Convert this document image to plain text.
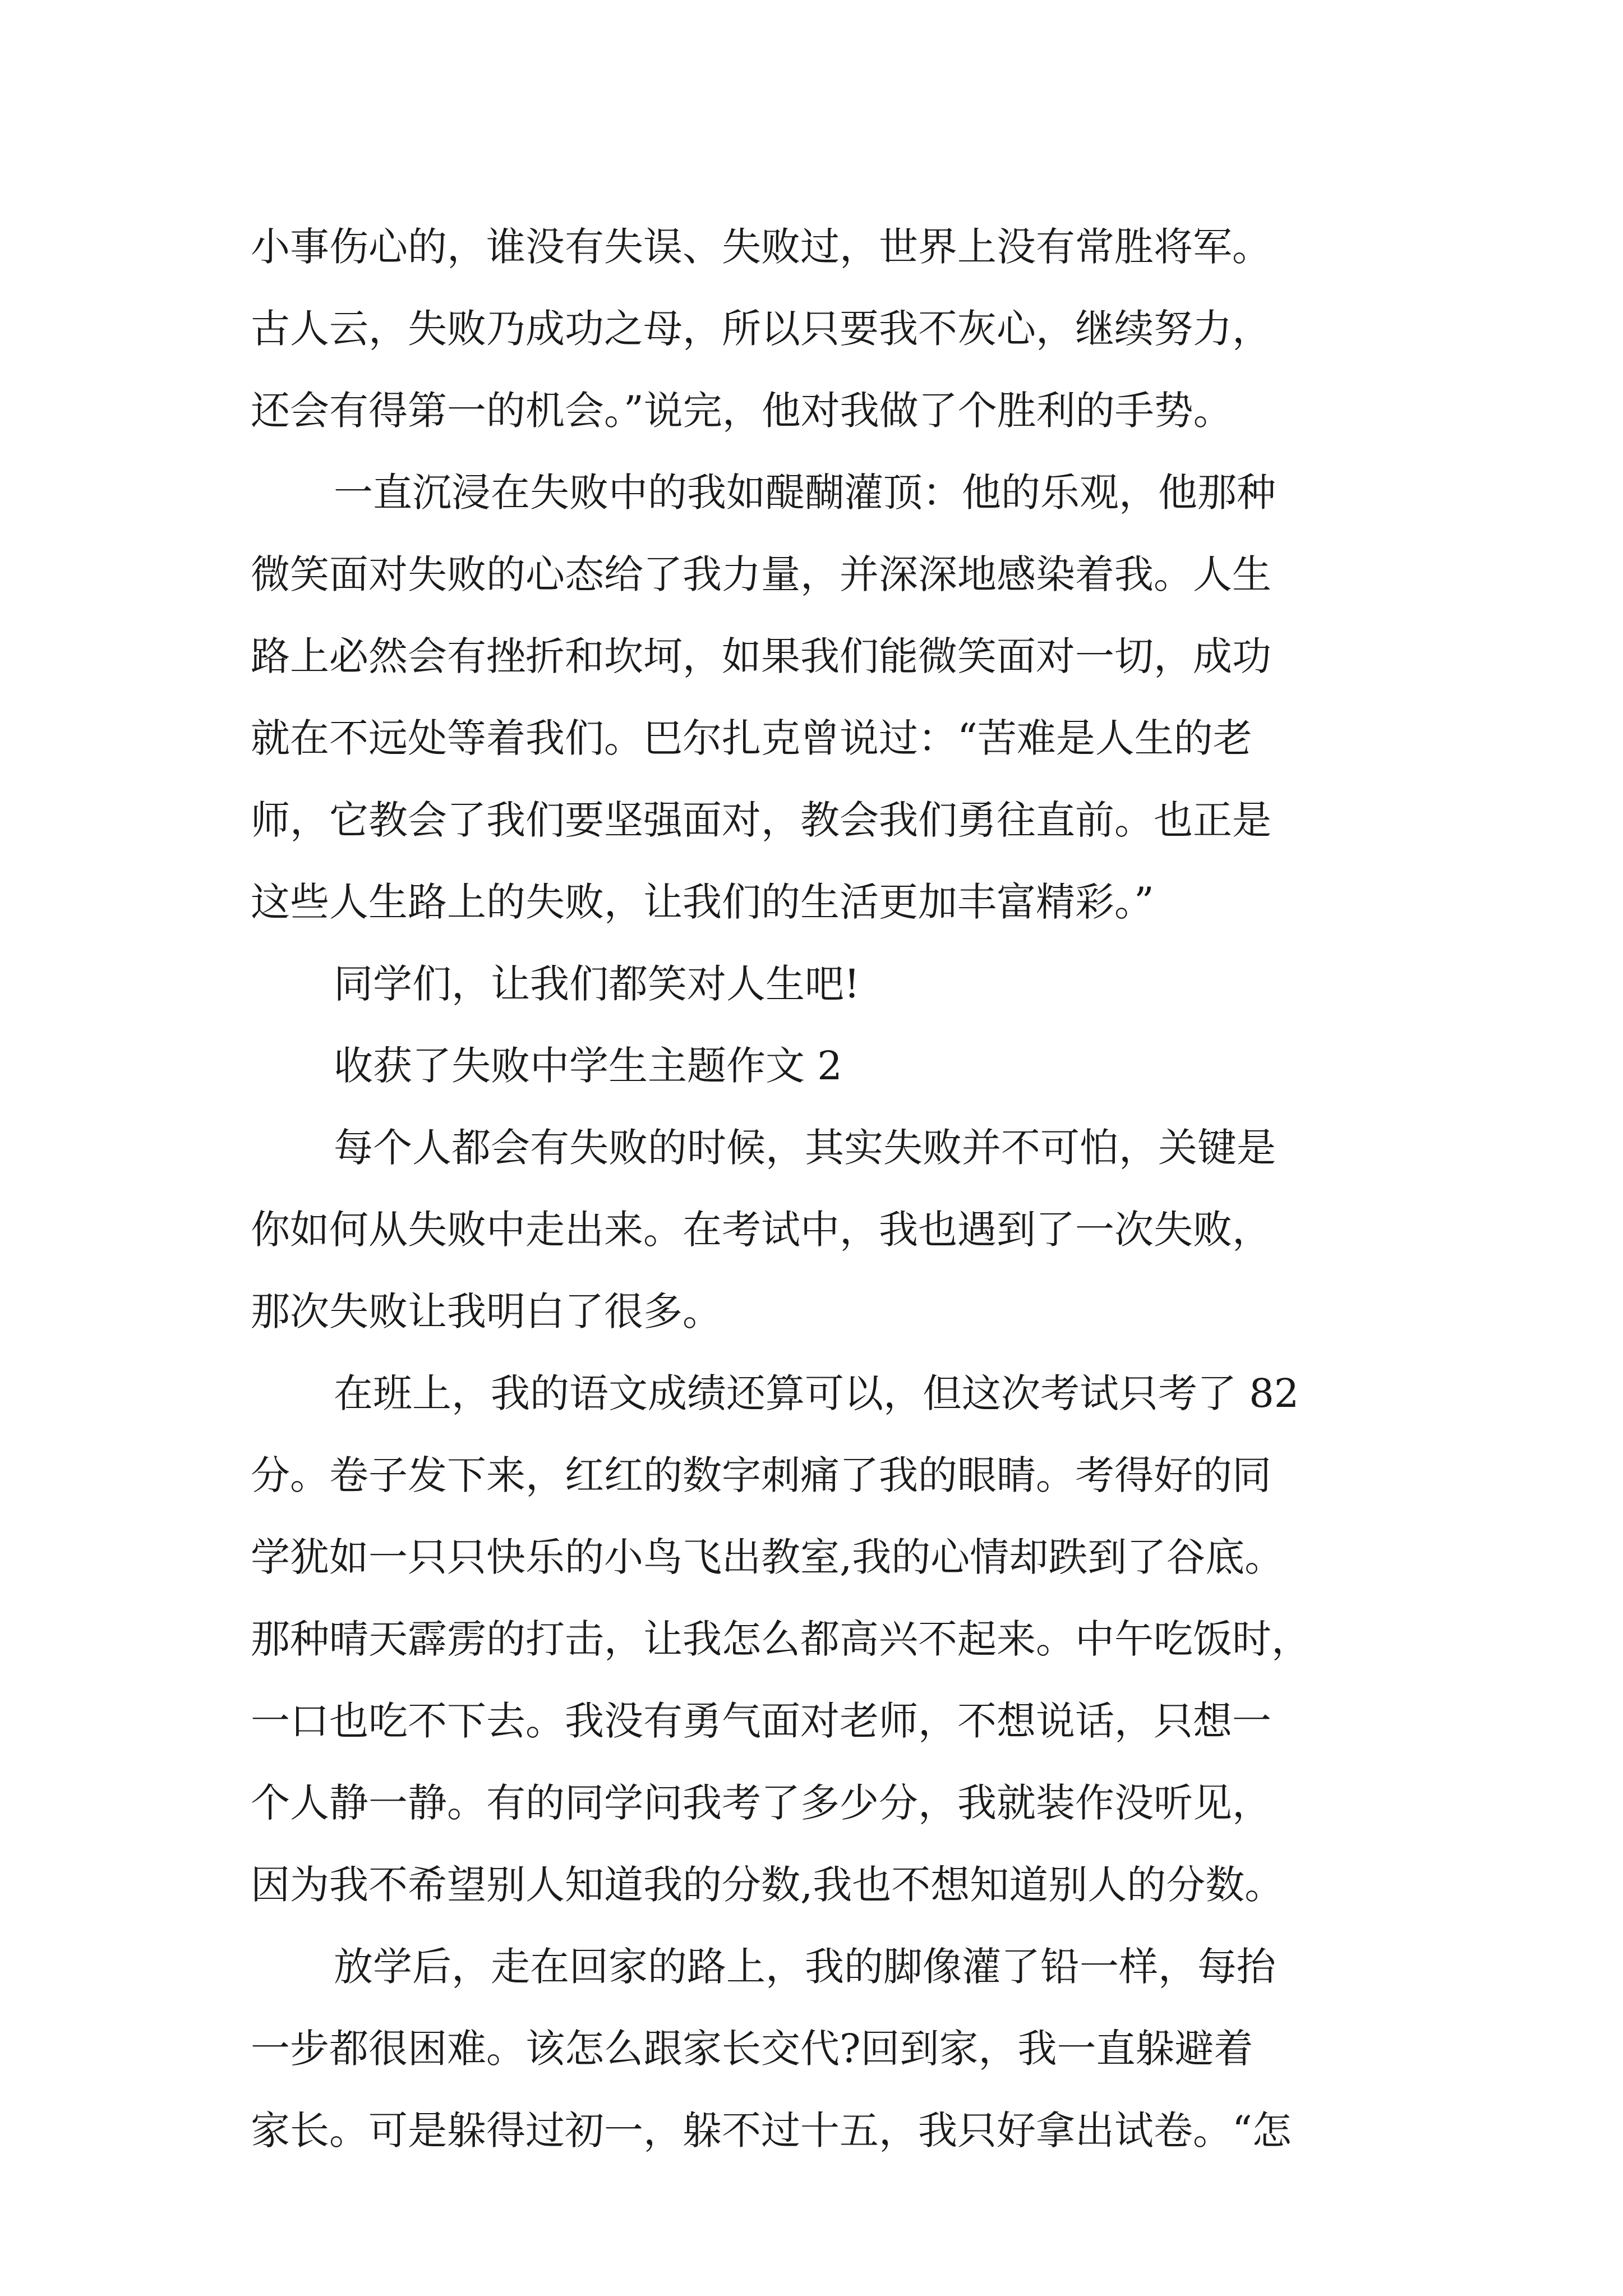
小事伤心的，谁没有失误、失败过，世界上没有常胜将军。
古人云，失败乃成功之母，所以只要我不灰心，继续努力，
还会有得第一的机会。”说完，他对我做了个胜利的手势。
一直沉浸在失败中的我如醍醐灌顶：他的乐观，他那种
微笑面对失败的心态给了我力量，并深深地感染着我。人生
路上必然会有挫折和坎坷，如果我们能微笑面对一切，成功
就在不远处等着我们。巴尔扎克曾说过：“苦难是人生的老
师，它教会了我们要坚强面对，教会我们勇往直前。也正是
这些人生路上的失败，让我们的生活更加丰富精彩。”
同学们，让我们都笑对人生吧!
收获了失败中学生主题作文 2
每个人都会有失败的时候，其实失败并不可怕，关键是
你如何从失败中走出来。在考试中，我也遇到了一次失败，
那次失败让我明白了很多。
在班上，我的语文成绩还算可以，但这次考试只考了 82
分。卷子发下来，红红的数字刺痛了我的眼睛。考得好的同
学犹如一只只快乐的小鸟飞出教室,我的心情却跌到了谷底。
那种晴天霹雳的打击，让我怎么都高兴不起来。中午吃饭时，
一口也吃不下去。我没有勇气面对老师，不想说话，只想一
个人静一静。有的同学问我考了多少分，我就装作没听见，
因为我不希望别人知道我的分数,我也不想知道别人的分数。
放学后，走在回家的路上，我的脚像灌了铅一样，每抬
一步都很困难。该怎么跟家长交代?回到家，我一直躲避着
家长。可是躲得过初一，躲不过十五，我只好拿出试卷。“怎
